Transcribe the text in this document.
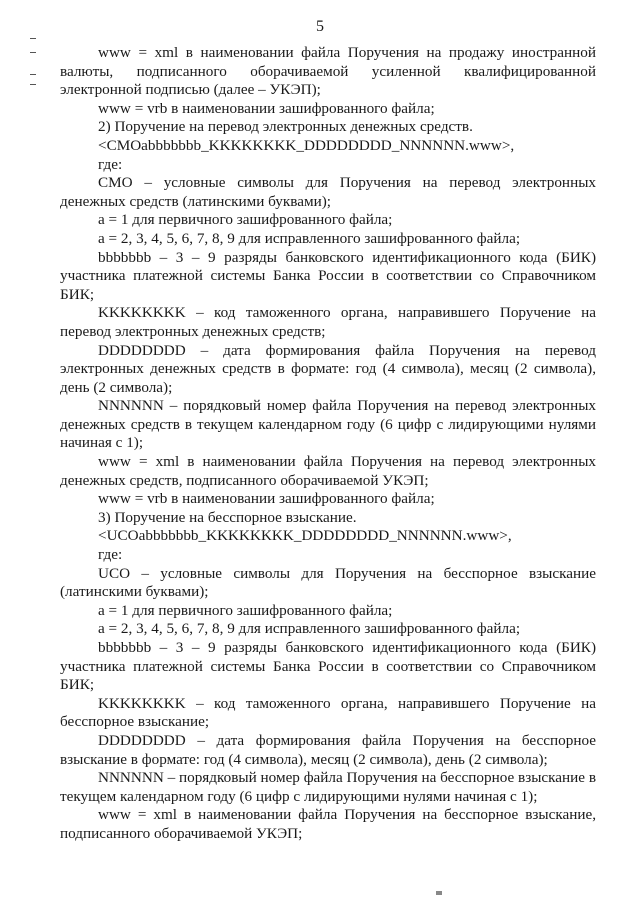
5

www = xml в наименовании файла Поручения на продажу иностранной валюты, подписанного оборачиваемой усиленной квалифицированной электронной подписью (далее – УКЭП);

www = vrb в наименовании зашифрованного файла;

2) Поручение на перевод электронных денежных средств.

<CMOabbbbbbb_KKKKKKKK_DDDDDDDD_NNNNNN.www>,

где:

CMO – условные символы для Поручения на перевод электронных денежных средств (латинскими буквами);

a = 1 для первичного зашифрованного файла;

a = 2, 3, 4, 5, 6, 7, 8, 9 для исправленного зашифрованного файла;

bbbbbbb – 3 – 9 разряды банковского идентификационного кода (БИК) участника платежной системы Банка России в соответствии со Справочником БИК;

KKKKKKKK – код таможенного органа, направившего Поручение на перевод электронных денежных средств;

DDDDDDDD – дата формирования файла Поручения на перевод электронных денежных средств в формате: год (4 символа), месяц (2 символа), день (2 символа);

NNNNNN – порядковый номер файла Поручения на перевод электронных денежных средств в текущем календарном году (6 цифр с лидирующими нулями начиная с 1);

www = xml в наименовании файла Поручения на перевод электронных денежных средств, подписанного оборачиваемой УКЭП;

www = vrb в наименовании зашифрованного файла;

3) Поручение на бесспорное взыскание.

<UCOabbbbbbb_KKKKKKKK_DDDDDDDD_NNNNNN.www>,

где:

UCO – условные символы для Поручения на бесспорное взыскание (латинскими буквами);

a = 1 для первичного зашифрованного файла;

a = 2, 3, 4, 5, 6, 7, 8, 9 для исправленного зашифрованного файла;

bbbbbbb – 3 – 9 разряды банковского идентификационного кода (БИК) участника платежной системы Банка России в соответствии со Справочником БИК;

KKKKKKKK – код таможенного органа, направившего Поручение на бесспорное взыскание;

DDDDDDDD – дата формирования файла Поручения на бесспорное взыскание в формате: год (4 символа), месяц (2 символа), день (2 символа);

NNNNNN – порядковый номер файла Поручения на бесспорное взыскание в текущем календарном году (6 цифр с лидирующими нулями начиная с 1);

www = xml в наименовании файла Поручения на бесспорное взыскание, подписанного оборачиваемой УКЭП;
